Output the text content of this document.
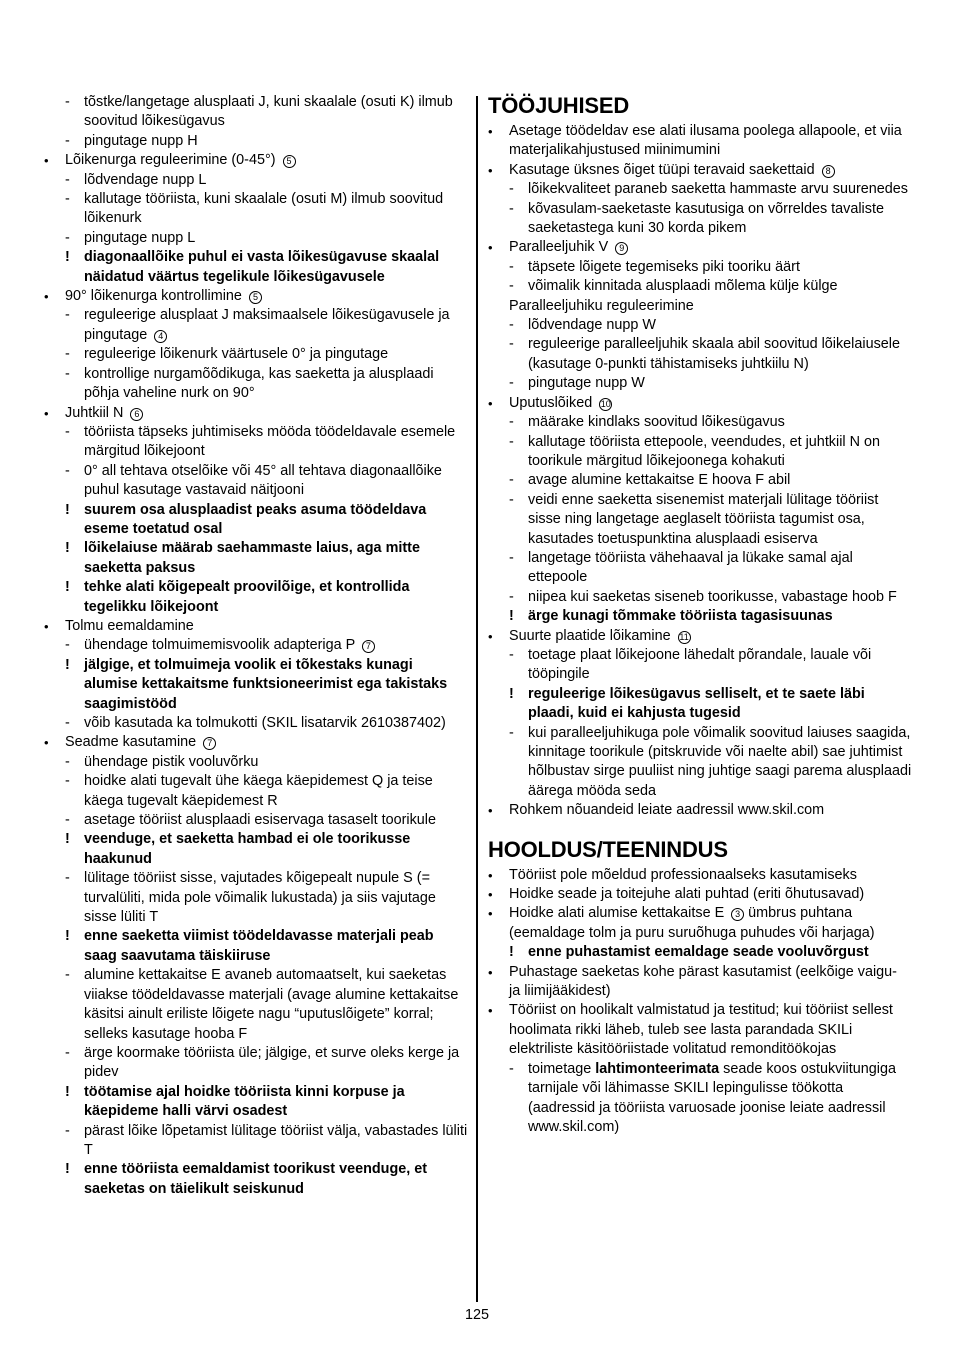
- tõstke/langetage alusplaati J, kuni skaalale (osuti K) ilmub soovitud lõikesügavus
- pingutage nupp H
• Lõikenurga reguleerimine (0-45°) 5
- lõdvendage nupp L
- kallutage tööriista, kuni skaalale (osuti M) ilmub soovitud lõikenurk
- pingutage nupp L
! diagonaallõike puhul ei vasta lõikesügavuse skaalal näidatud väärtus tegelikule lõikesügavusele
• 90° lõikenurga kontrollimine 5
- reguleerige alusplaat J maksimaalsele lõikesügavusele ja pingutage 4
- reguleerige lõikenurk väärtusele 0° ja pingutage
- kontrollige nurgamõõdikuga, kas saeketta ja alusplaadi põhja vaheline nurk on 90°
• Juhtkiil N 6
- tööriista täpseks juhtimiseks mööda töödeldavale esemele märgitud lõikejoont
- 0° all tehtava otselõike või 45° all tehtava diagonaallõike puhul kasutage vastavaid näitjooni
! suurem osa alusplaadist peaks asuma töödeldava eseme toetatud osal
! lõikelaiuse määrab saehammaste laius, aga mitte saeketta paksus
! tehke alati kõigepealt proovilõige, et kontrollida tegelikku lõikejoont
• Tolmu eemaldamine
- ühendage tolmuimemisvoolik adapteriga P 7
! jälgige, et tolmuimeja voolik ei tõkestaks kunagi alumise kettakaitsme funktsioneerimist ega takistaks saagimistööd
- võib kasutada ka tolmukotti (SKIL lisatarvik 2610387402)
• Seadme kasutamine 7
- ühendage pistik vooluvõrku
- hoidke alati tugevalt ühe käega käepidemest Q ja teise käega tugevalt käepidemest R
- asetage tööriist alusplaadi esiservaga tasaselt toorikule
! veenduge, et saeketta hambad ei ole toorikusse haakunud
- lülitage tööriist sisse, vajutades kõigepealt nupule S (= turvalüliti, mida pole võimalik lukustada) ja siis vajutage sisse lüliti T
! enne saeketta viimist töödeldavasse materjali peab saag saavutama täiskiiruse
- alumine kettakaitse E avaneb automaatselt, kui saeketas viiakse töödeldavasse materjali (avage alumine kettakaitse käsitsi ainult eriliste lõigete nagu “uputuslõigete” korral; selleks kasutage hooba F
- ärge koormake tööriista üle; jälgige, et surve oleks kerge ja pidev
! töötamise ajal hoidke tööriista kinni korpuse ja käepideme halli värvi osadest
- pärast lõike lõpetamist lülitage tööriist välja, vabastades lüliti T
! enne tööriista eemaldamist toorikust veenduge, et saeketas on täielikult seiskunud
TÖÖJUHISED
• Asetage töödeldav ese alati ilusama poolega allapoole, et viia materjalikahjustused miinimumini
• Kasutage üksnes õiget tüüpi teravaid saekettaid 8
- lõikekvaliteet paraneb saeketta hammaste arvu suurenedes
- kõvasulam-saeketaste kasutusiga on võrreldes tavaliste saeketastega kuni 30 korda pikem
• Paralleeljuhik V 9
- täpsete lõigete tegemiseks piki tooriku äärt
- võimalik kinnitada alusplaadi mõlema külje külge
Paralleeljuhiku reguleerimine
- lõdvendage nupp W
- reguleerige paralleeljuhik skaala abil soovitud lõikelaiusele (kasutage 0-punkti tähistamiseks juhtkiilu N)
- pingutage nupp W
• Uputuslõiked 10
- määrake kindlaks soovitud lõikesügavus
- kallutage tööriista ettepoole, veendudes, et juhtkiil N on toorikule märgitud lõikejoonega kohakuti
- avage alumine kettakaitse E hoova F abil
- veidi enne saeketta sisenemist materjali lülitage tööriist sisse ning langetage aeglaselt tööriista tagumist osa, kasutades toetuspunktina alusplaadi esiserva
- langetage tööriista vähehaaval ja lükake samal ajal ettepoole
- niipea kui saeketas siseneb toorikusse, vabastage hoob F
! ärge kunagi tõmmake tööriista tagasisuunas
• Suurte plaatide lõikamine 11
- toetage plaat lõikejoone lähedalt põrandale, lauale või tööpingile
! reguleerige lõikesügavus selliselt, et te saete läbi plaadi, kuid ei kahjusta tugesid
- kui paralleeljuhikuga pole võimalik soovitud laiuses saagida, kinnitage toorikule (pitskruvide või naelte abil) sae juhtimist hõlbustav sirge puuliist ning juhtige saagi parema alusplaadi äärega mööda seda
• Rohkem nõuandeid leiate aadressil www.skil.com
HOOLDUS/TEENINDUS
• Tööriist pole mõeldud professionaalseks kasutamiseks
• Hoidke seade ja toitejuhe alati puhtad (eriti õhutusavad)
• Hoidke alati alumise kettakaitse E 3 ümbrus puhtana (eemaldage tolm ja puru suruõhuga puhudes või harjaga)
! enne puhastamist eemaldage seade vooluvõrgust
• Puhastage saeketas kohe pärast kasutamist (eelkõige vaigu- ja liimijääkidest)
• Tööriist on hoolikalt valmistatud ja testitud; kui tööriist sellest hoolimata rikki läheb, tuleb see lasta parandada SKILi elektriliste käsitööriistade volitatud remonditöökojas
- toimetage lahtimonteerimata seade koos ostukviitungiga tarnijale või lähimasse SKILI lepingulisse töökotta (aadressid ja tööriista varuosade joonise leiate aadressil www.skil.com)
125
